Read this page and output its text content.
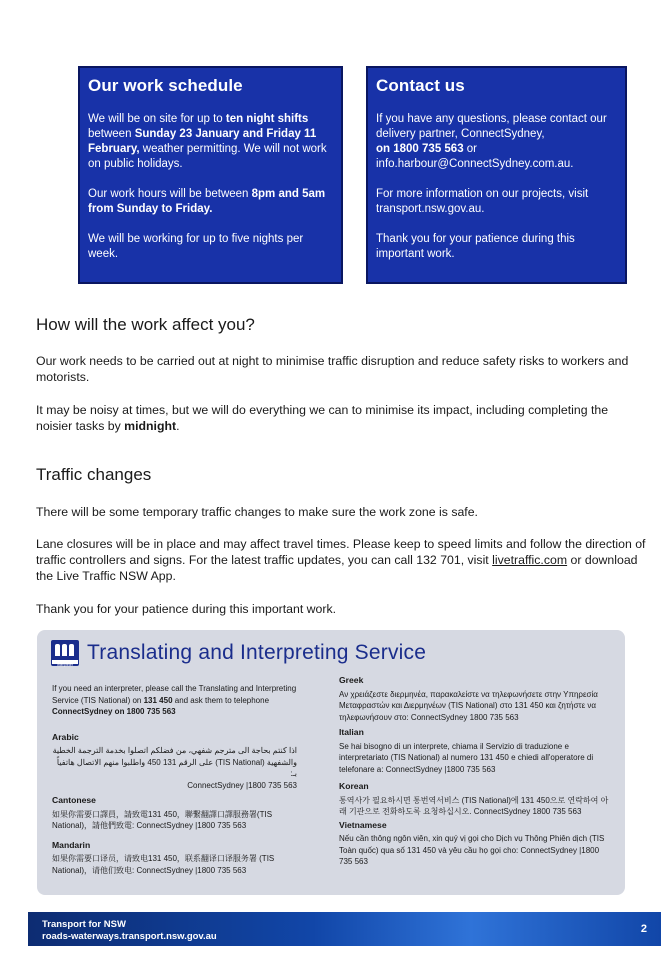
Our work schedule

We will be on site for up to ten night shifts between Sunday 23 January and Friday 11 February, weather permitting. We will not work on public holidays.

Our work hours will be between 8pm and 5am from Sunday to Friday.

We will be working for up to five nights per week.

Contact us

If you have any questions, please contact our delivery partner, ConnectSydney,
on 1800 735 563 or
info.harbour@ConnectSydney.com.au.

For more information on our projects, visit transport.nsw.gov.au.

Thank you for your patience during this important work.

How will the work affect you?

Our work needs to be carried out at night to minimise traffic disruption and reduce safety risks to workers and motorists.

It may be noisy at times, but we will do everything we can to minimise its impact, including completing the noisier tasks by midnight.

Traffic changes

There will be some temporary traffic changes to make sure the work zone is safe.

Lane closures will be in place and may affect travel times. Please keep to speed limits and follow the direction of traffic controllers and signs. For the latest traffic updates, you can call 132 701, visit livetraffic.com or download the Live Traffic NSW App.

Thank you for your patience during this important work.

interpreter
Translating and Interpreting Service
If you need an interpreter, please call the Translating and Interpreting Service (TIS National) on 131 450 and ask them to telephone ConnectSydney on 1800 735 563
Arabic
اذا كنتم بحاجة الى مترجم شفهي، من فضلكم اتصلوا بخدمة الترجمة الخطية والشفهية (TIS National) على الرقم 131 450 واطلبوا منهم الاتصال هاتفياً بـ:
ConnectSydney |1800 735 563
Cantonese
如果你需要口譯員，請致電131 450，聯繫翻譯口譯服務署(TIS National)，請他們致電: ConnectSydney |1800 735 563
Mandarin
如果你需要口译员，请致电131 450，联系翻译口译服务署 (TIS National)，请他们致电: ConnectSydney |1800 735 563
Greek
Αν χρειάζεστε διερμηνέα, παρακαλείστε να τηλεφωνήσετε στην Υπηρεσία Μεταφραστών και Διερμηνέων (TIS National) στο 131 450 και ζητήστε να τηλεφωνήσουν στο: ConnectSydney 1800 735 563
Italian
Se hai bisogno di un interprete, chiama il Servizio di traduzione e interpretariato (TIS National) al numero 131 450 e chiedi all'operatore di telefonare a: ConnectSydney |1800 735 563
Korean
통역사가 필요하시면 통번역서비스 (TIS National)에 131 450으로 연락하여 아래 기관으로 전화하도록 요청하십시오. ConnectSydney 1800 735 563
Vietnamese
Nếu cần thông ngôn viên, xin quý vị gọi cho Dịch vụ Thông Phiên dịch (TIS Toàn quốc) qua số 131 450 và yêu cầu họ gọi cho: ConnectSydney |1800 735 563
Transport for NSW
roads-waterways.transport.nsw.gov.au
2
